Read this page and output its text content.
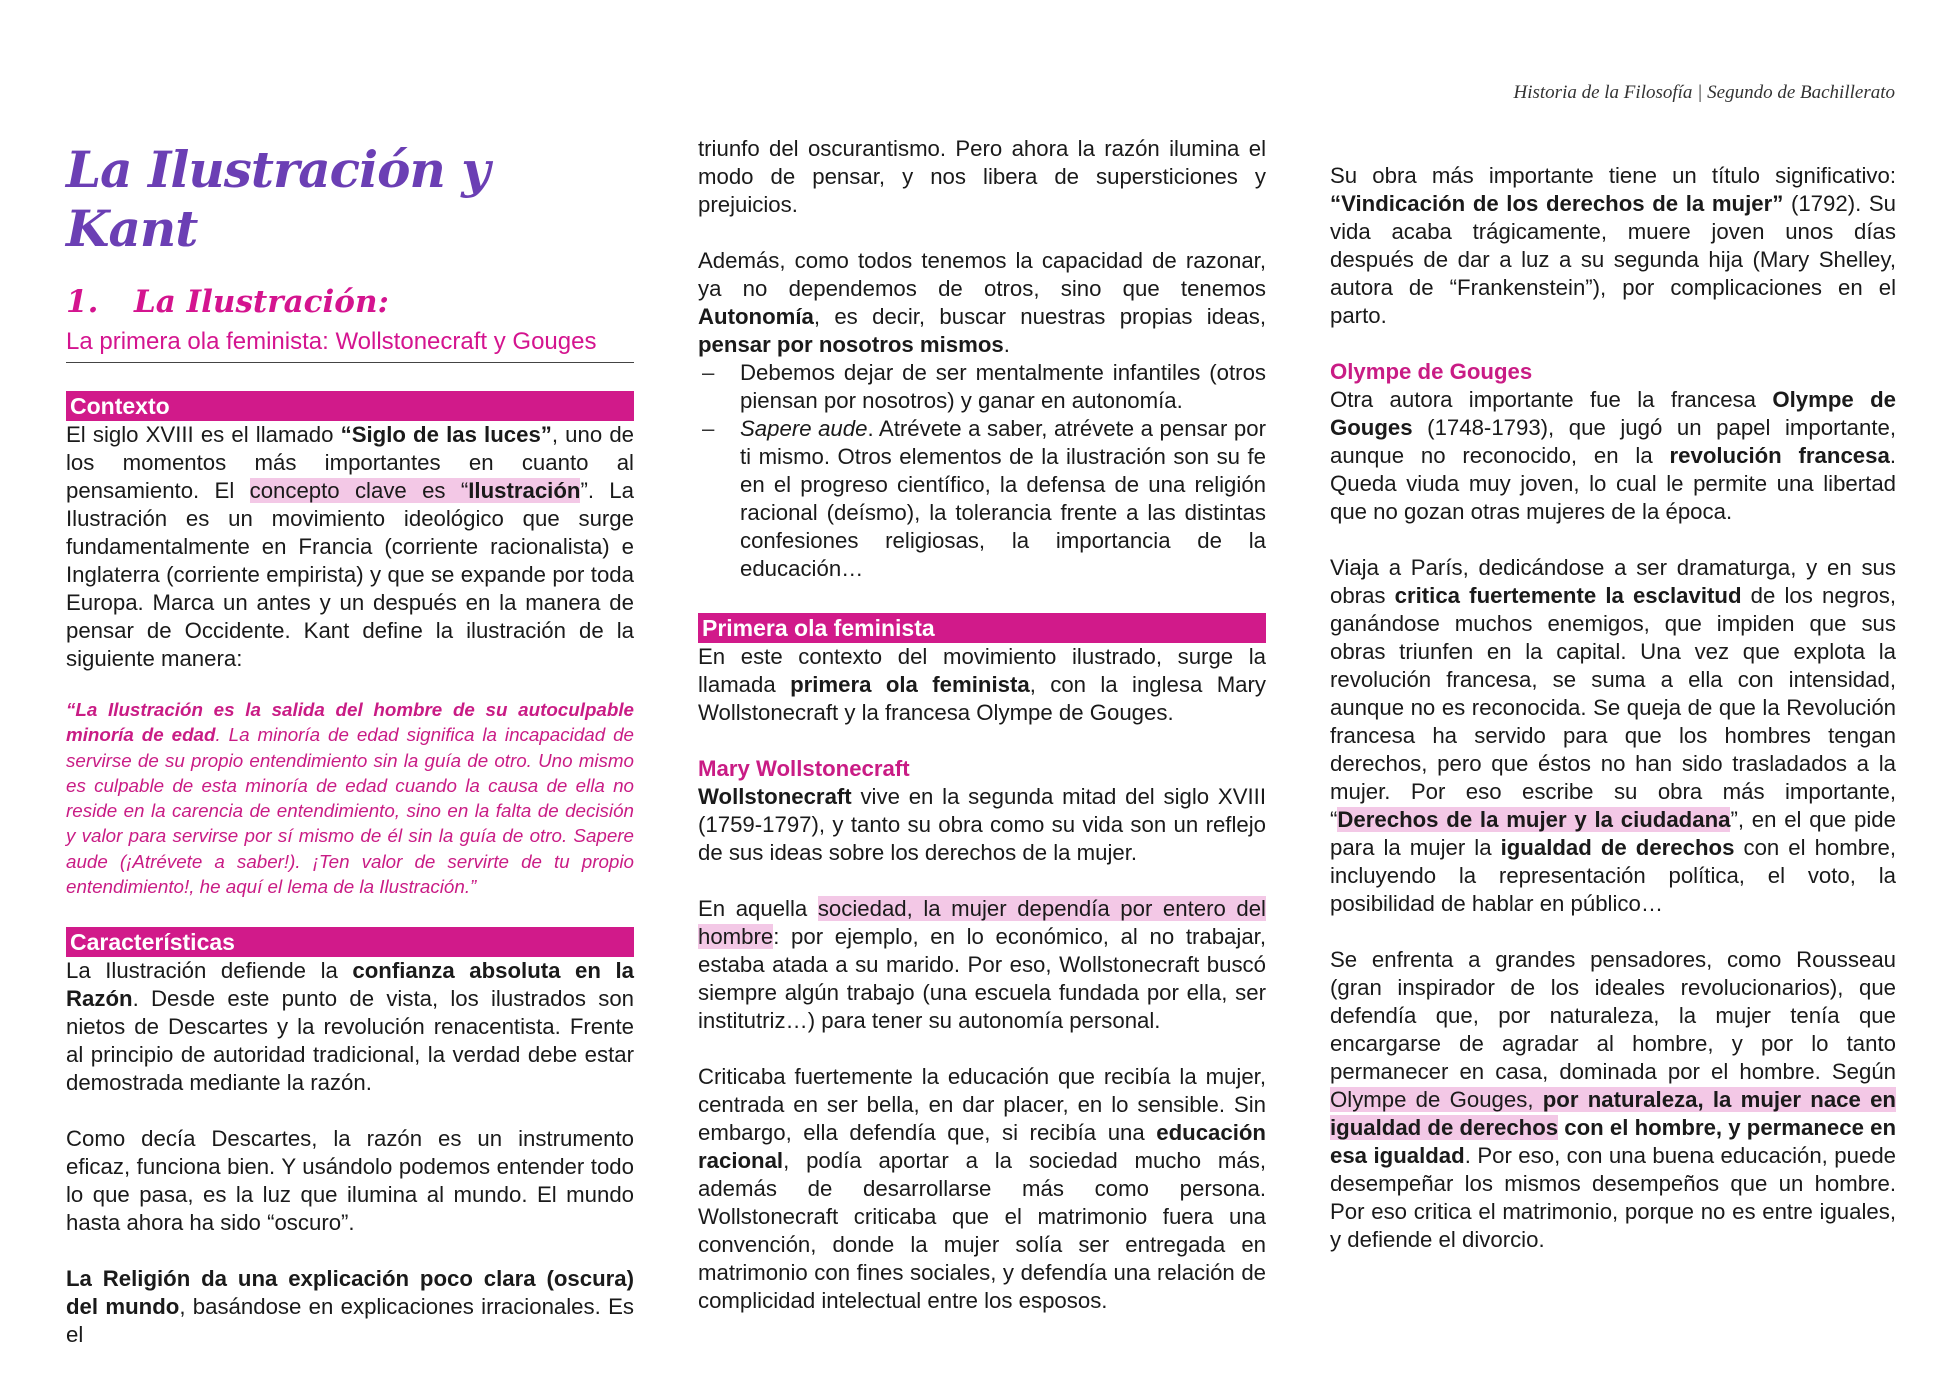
Historia de la Filosofía | Segundo de Bachillerato
La Ilustración y Kant
1. La Ilustración:
La primera ola feminista: Wollstonecraft y Gouges
Contexto

El siglo XVIII es el llamado “Siglo de las luces”, uno de los momentos más importantes en cuanto al pensamiento. El concepto clave es “Ilustración”. La Ilustración es un movimiento ideológico que surge fundamentalmente en Francia (corriente racionalista) e Inglaterra (corriente empirista) y que se expande por toda Europa. Marca un antes y un después en la manera de pensar de Occidente. Kant define la ilustración de la siguiente manera:

“La Ilustración es la salida del hombre de su autoculpable minoría de edad. La minoría de edad significa la incapacidad de servirse de su propio entendimiento sin la guía de otro. Uno mismo es culpable de esta minoría de edad cuando la causa de ella no reside en la carencia de entendimiento, sino en la falta de decisión y valor para servirse por sí mismo de él sin la guía de otro. Sapere aude (¡Atrévete a saber!). ¡Ten valor de servirte de tu propio entendimiento!, he aquí el lema de la Ilustración.”
Características

La Ilustración defiende la confianza absoluta en la Razón. Desde este punto de vista, los ilustrados son nietos de Descartes y la revolución renacentista. Frente al principio de autoridad tradicional, la verdad debe estar demostrada mediante la razón.

Como decía Descartes, la razón es un instrumento eficaz, funciona bien. Y usándolo podemos entender todo lo que pasa, es la luz que ilumina al mundo. El mundo hasta ahora ha sido “oscuro”.

La Religión da una explicación poco clara (oscura) del mundo, basándose en explicaciones irracionales. Es el

triunfo del oscurantismo. Pero ahora la razón ilumina el modo de pensar, y nos libera de supersticiones y prejuicios.

Además, como todos tenemos la capacidad de razonar, ya no dependemos de otros, sino que tenemos Autonomía, es decir, buscar nuestras propias ideas, pensar por nosotros mismos.

– Debemos dejar de ser mentalmente infantiles (otros piensan por nosotros) y ganar en autonomía.
– Sapere aude. Atrévete a saber, atrévete a pensar por ti mismo. Otros elementos de la ilustración son su fe en el progreso científico, la defensa de una religión racional (deísmo), la tolerancia frente a las distintas confesiones religiosas, la importancia de la educación…
Primera ola feminista

En este contexto del movimiento ilustrado, surge la llamada primera ola feminista, con la inglesa Mary Wollstonecraft y la francesa Olympe de Gouges.

Mary Wollstonecraft

Wollstonecraft vive en la segunda mitad del siglo XVIII (1759-1797), y tanto su obra como su vida son un reflejo de sus ideas sobre los derechos de la mujer.

En aquella sociedad, la mujer dependía por entero del hombre: por ejemplo, en lo económico, al no trabajar, estaba atada a su marido. Por eso, Wollstonecraft buscó siempre algún trabajo (una escuela fundada por ella, ser institutriz…) para tener su autonomía personal.

Criticaba fuertemente la educación que recibía la mujer, centrada en ser bella, en dar placer, en lo sensible. Sin embargo, ella defendía que, si recibía una educación racional, podía aportar a la sociedad mucho más, además de desarrollarse más como persona. Wollstonecraft criticaba que el matrimonio fuera una convención, donde la mujer solía ser entregada en matrimonio con fines sociales, y defendía una relación de complicidad intelectual entre los esposos.

Su obra más importante tiene un título significativo: “Vindicación de los derechos de la mujer” (1792). Su vida acaba trágicamente, muere joven unos días después de dar a luz a su segunda hija (Mary Shelley, autora de “Frankenstein”), por complicaciones en el parto.

Olympe de Gouges

Otra autora importante fue la francesa Olympe de Gouges (1748-1793), que jugó un papel importante, aunque no reconocido, en la revolución francesa. Queda viuda muy joven, lo cual le permite una libertad que no gozan otras mujeres de la época.

Viaja a París, dedicándose a ser dramaturga, y en sus obras critica fuertemente la esclavitud de los negros, ganándose muchos enemigos, que impiden que sus obras triunfen en la capital. Una vez que explota la revolución francesa, se suma a ella con intensidad, aunque no es reconocida. Se queja de que la Revolución francesa ha servido para que los hombres tengan derechos, pero que éstos no han sido trasladados a la mujer. Por eso escribe su obra más importante, “Derechos de la mujer y la ciudadana”, en el que pide para la mujer la igualdad de derechos con el hombre, incluyendo la representación política, el voto, la posibilidad de hablar en público…

Se enfrenta a grandes pensadores, como Rousseau (gran inspirador de los ideales revolucionarios), que defendía que, por naturaleza, la mujer tenía que encargarse de agradar al hombre, y por lo tanto permanecer en casa, dominada por el hombre. Según Olympe de Gouges, por naturaleza, la mujer nace en igualdad de derechos con el hombre, y permanece en esa igualdad. Por eso, con una buena educación, puede desempeñar los mismos desempeños que un hombre. Por eso critica el matrimonio, porque no es entre iguales, y defiende el divorcio.
